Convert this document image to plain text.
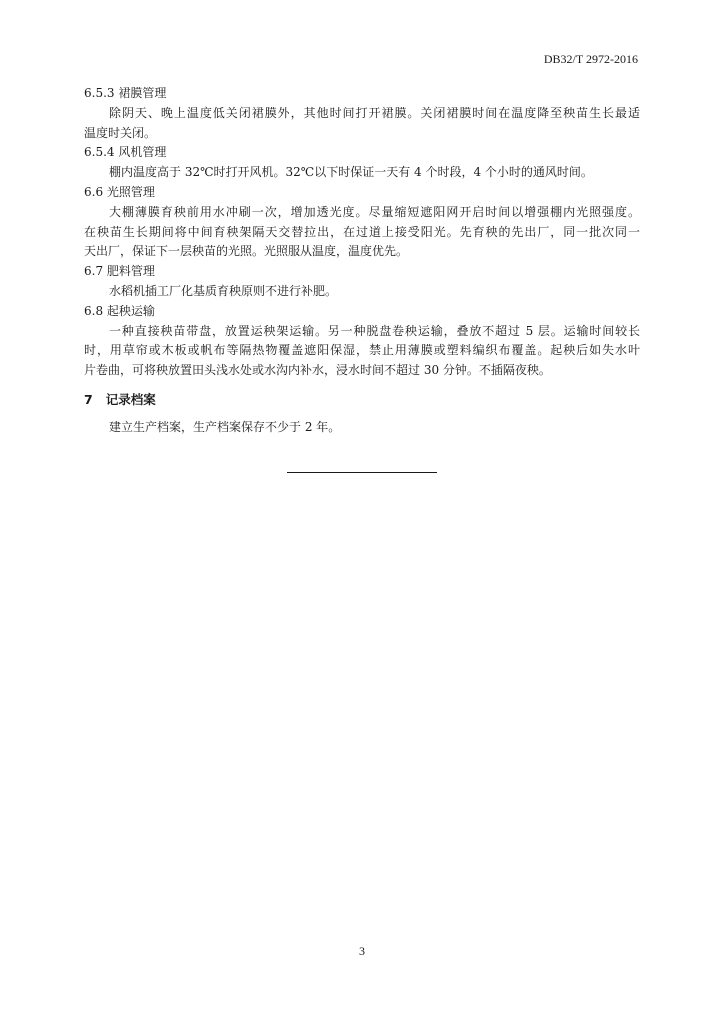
DB32/T 2972-2016
6.5.3 裙膜管理
除阴天、晚上温度低关闭裙膜外，其他时间打开裙膜。关闭裙膜时间在温度降至秧苗生长最适
温度时关闭。
6.5.4 风机管理
棚内温度高于 32℃时打开风机。32℃以下时保证一天有 4 个时段，4 个小时的通风时间。
6.6 光照管理
大棚薄膜育秧前用水冲刷一次，增加透光度。尽量缩短遮阳网开启时间以增强棚内光照强度。
在秧苗生长期间将中间育秧架隔天交替拉出，在过道上接受阳光。先育秧的先出厂，同一批次同一
天出厂，保证下一层秧苗的光照。光照服从温度，温度优先。
6.7 肥料管理
水稻机插工厂化基质育秧原则不进行补肥。
6.8 起秧运输
一种直接秧苗带盘，放置运秧架运输。另一种脱盘卷秧运输，叠放不超过 5 层。运输时间较长
时，用草帘或木板或帆布等隔热物覆盖遮阳保湿，禁止用薄膜或塑料编织布覆盖。起秧后如失水叶
片卷曲，可将秧放置田头浅水处或水沟内补水，浸水时间不超过 30 分钟。不插隔夜秧。
7 记录档案
建立生产档案，生产档案保存不少于 2 年。
3
